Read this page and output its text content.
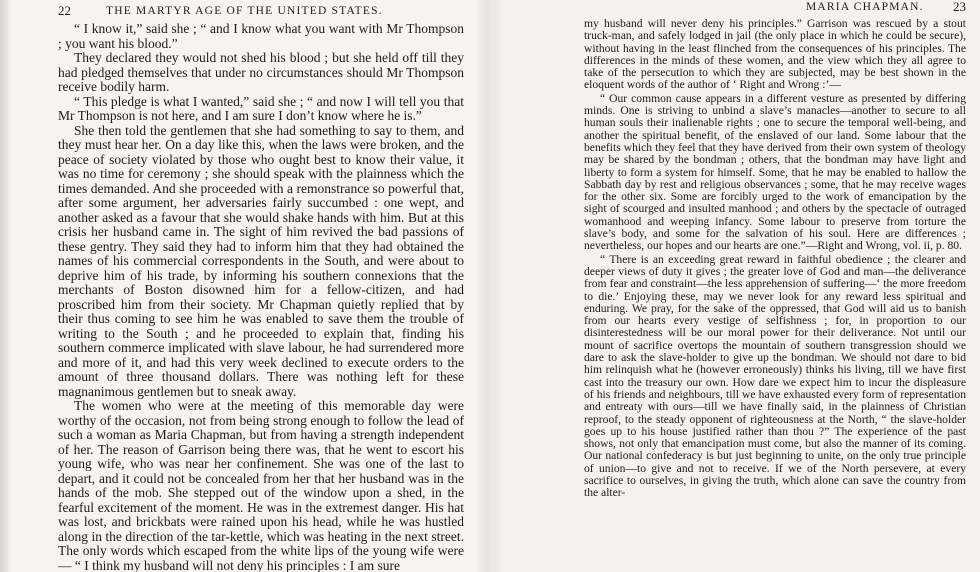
22	THE MARTYR AGE OF THE UNITED STATES.

“ I know it,” said she ; “ and I know what you want with Mr Thompson ; you want his blood.”

They declared they would not shed his blood ; but she held off till they had pledged themselves that under no circumstances should Mr Thompson receive bodily harm.

“ This pledge is what I wanted,” said she ; “ and now I will tell you that Mr Thompson is not here, and I am sure I don’t know where he is.”

She then told the gentlemen that she had something to say to them, and they must hear her. On a day like this, when the laws were broken, and the peace of society violated by those who ought best to know their value, it was no time for ceremony ; she should speak with the plainness which the times demanded. And she proceeded with a remonstrance so powerful that, after some argument, her adversaries fairly succumbed : one wept, and another asked as a favour that she would shake hands with him. But at this crisis her husband came in. The sight of him revived the bad passions of these gentry. They said they had to inform him that they had obtained the names of his commercial correspondents in the South, and were about to deprive him of his trade, by informing his southern connexions that the merchants of Boston disowned him for a fellow-citizen, and had proscribed him from their society. Mr Chapman quietly replied that by their thus coming to see him he was enabled to save them the trouble of writing to the South ; and he proceeded to explain that, finding his southern commerce implicated with slave labour, he had surrendered more and more of it, and had this very week declined to execute orders to the amount of three thousand dollars. There was nothing left for these magnanimous gentlemen but to sneak away.

The women who were at the meeting of this memorable day were worthy of the occasion, not from being strong enough to follow the lead of such a woman as Maria Chapman, but from having a strength independent of her. The reason of Garrison being there was, that he went to escort his young wife, who was near her confinement. She was one of the last to depart, and it could not be concealed from her that her husband was in the hands of the mob. She stepped out of the window upon a shed, in the fearful excitement of the moment. He was in the extremest danger. His hat was lost, and brickbats were rained upon his head, while he was hustled along in the direction of the tar-kettle, which was heating in the next street. The only words which escaped from the white lips of the young wife were— “ I think my husband will not deny his principles : I am sure

MARIA CHAPMAN. 23

my husband will never deny his principles.” Garrison was rescued by a stout truck-man, and safely lodged in jail (the only place in which he could be secure), without having in the least flinched from the consequences of his principles. The differences in the minds of these women, and the view which they all agree to take of the persecution to which they are subjected, may be best shown in the eloquent words of the author of ‘ Right and Wrong :’—

“ Our common cause appears in a different vesture as presented by differing minds. One is striving to unbind a slave’s manacles—another to secure to all human souls their inalienable rights ; one to secure the temporal well-being, and another the spiritual benefit, of the enslaved of our land. Some labour that the benefits which they feel that they have derived from their own system of theology may be shared by the bondman ; others, that the bondman may have light and liberty to form a system for himself. Some, that he may be enabled to hallow the Sabbath day by rest and religious observances ; some, that he may receive wages for the other six. Some are forcibly urged to the work of emancipation by the sight of scourged and insulted manhood ; and others by the spectacle of outraged womanhood and weeping infancy. Some labour to preserve from torture the slave’s body, and some for the salvation of his soul. Here are differences ; nevertheless, our hopes and our hearts are one.”—Right and Wrong, vol. ii, p. 80.

“ There is an exceeding great reward in faithful obedience ; the clearer and deeper views of duty it gives ; the greater love of God and man—the deliverance from fear and constraint—the less apprehension of suffering—‘ the more freedom to die.’ Enjoying these, may we never look for any reward less spiritual and enduring. We pray, for the sake of the oppressed, that God will aid us to banish from our hearts every vestige of selfishness ; for, in proportion to our disinterestedness will be our moral power for their deliverance. Not until our mount of sacrifice overtops the mountain of southern transgression should we dare to ask the slave-holder to give up the bondman. We should not dare to bid him relinquish what he (however erroneously) thinks his living, till we have first cast into the treasury our own. How dare we expect him to incur the displeasure of his friends and neighbours, till we have exhausted every form of representation and entreaty with ours—till we have finally said, in the plainness of Christian reproof, to the steady opponent of righteousness at the North, “ the slave-holder goes up to his house justified rather than thou ?” The experience of the past shows, not only that emancipation must come, but also the manner of its coming. Our national confederacy is but just beginning to unite, on the only true principle of union—to give and not to receive. If we of the North persevere, at every sacrifice to ourselves, in giving the truth, which alone can save the country from the alter-
